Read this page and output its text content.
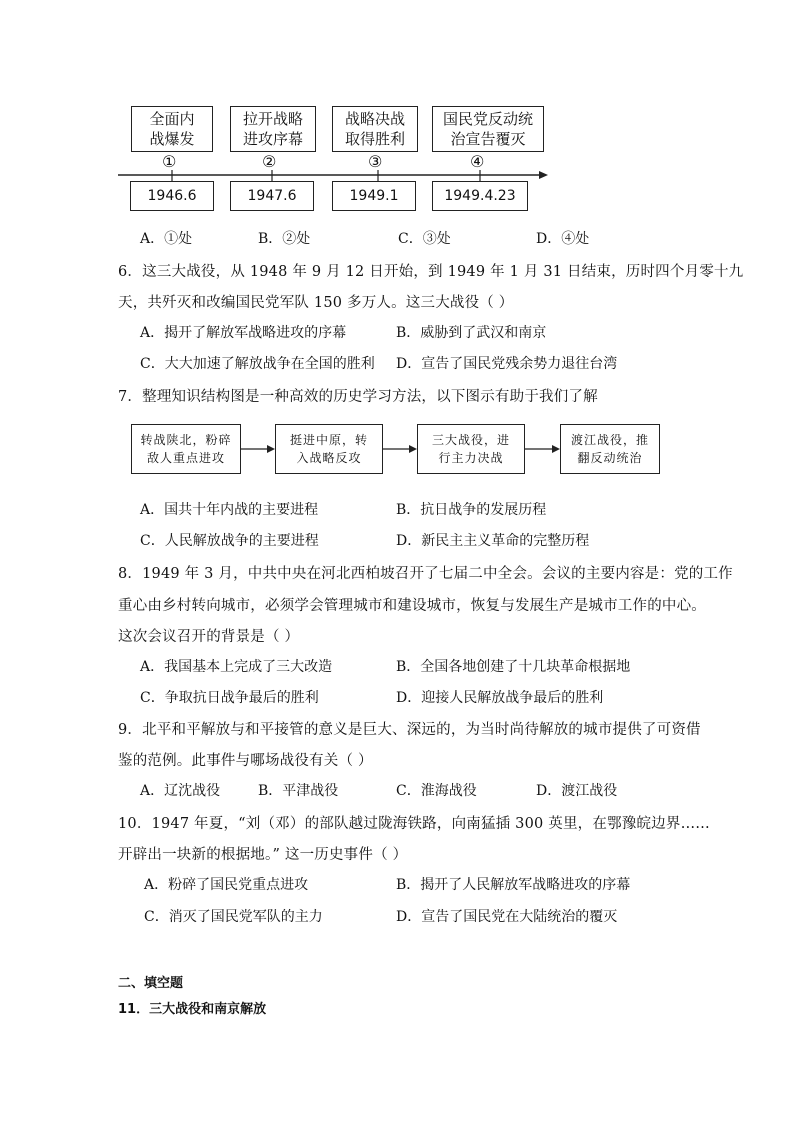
全面内
战爆发
拉开战略
进攻序幕
战略决战
取得胜利
国民党反动统
治宣告覆灭
①	②	③	④
1946.6	1947.6	1949.1	1949.4.23
A．①处	B．②处	C．③处	D．④处
6．这三大战役，从 1948 年 9 月 12 日开始，到 1949 年 1 月 31 日结束，历时四个月零十九
天，共歼灭和改编国民党军队 150 多万人。这三大战役（ ）
A．揭开了解放军战略进攻的序幕	B．威胁到了武汉和南京
C．大大加速了解放战争在全国的胜利 D．宣告了国民党残余势力退往台湾
7．整理知识结构图是一种高效的历史学习方法，以下图示有助于我们了解
转战陕北，粉碎
敌人重点进攻
挺进中原，转
入战略反攻
三大战役，进
行主力决战
渡江战役，推
翻反动统治
A．国共十年内战的主要进程	B．抗日战争的发展历程
C．人民解放战争的主要进程	D．新民主主义革命的完整历程
8．1949 年 3 月，中共中央在河北西柏坡召开了七届二中全会。会议的主要内容是：党的工作
重心由乡村转向城市，必须学会管理城市和建设城市，恢复与发展生产是城市工作的中心。
这次会议召开的背景是（ ）
A．我国基本上完成了三大改造	B．全国各地创建了十几块革命根据地
C．争取抗日战争最后的胜利	D．迎接人民解放战争最后的胜利
9．北平和平解放与和平接管的意义是巨大、深远的，为当时尚待解放的城市提供了可资借
鉴的范例。此事件与哪场战役有关（ ）
A．辽沈战役	B．平津战役	C．淮海战役	D．渡江战役
10．1947 年夏，“刘（邓）的部队越过陇海铁路，向南猛插 300 英里，在鄂豫皖边界……
开辟出一块新的根据地。” 这一历史事件（ ）
A．粉碎了国民党重点进攻	B．揭开了人民解放军战略进攻的序幕
C．消灭了国民党军队的主力	D．宣告了国民党在大陆统治的覆灭
二、填空题
11．三大战役和南京解放
